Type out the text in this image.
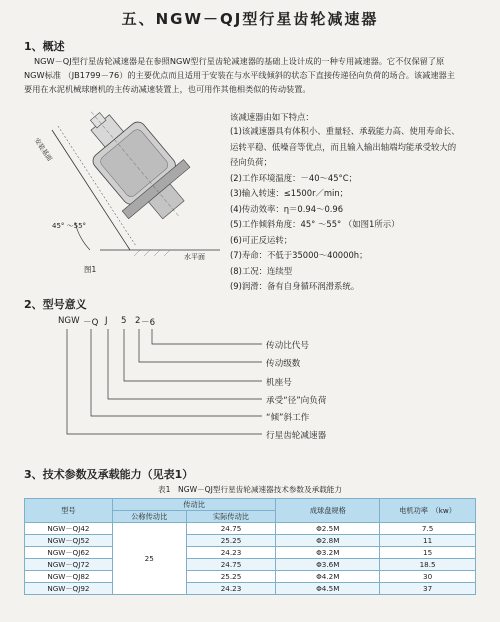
五、NGW－QJ型行星齿轮减速器
1、概述
NGW－QJ型行星齿轮减速器是在参照NGW型行星齿轮减速器的基础上设计成的一种专用减速器。它不仅保留了原
NGW标准 （JB1799－76）的主要优点而且适用于安装在与水平线倾斜的状态下直接传递径向负荷的场合。该减速器主
要用在水泥机械球磨机的主传动减速装置上，也可用作其他相类似的传动装置。
安装基面
45° ～55°
水平面
图1
该减速器由如下特点：
(1)该减速器具有体积小、重量轻、承载能力高、使用寿命长、
运转平稳、低噪音等优点，而且输入输出轴端均能承受较大的
径向负荷；
(2)工作环境温度：－40～45°C；
(3)输入转速：≤1500r／min；
(4)传动效率：η＝0.94～0.96
(5)工作倾斜角度：45° ～55° （如图1所示）
(6)可正反运转；
(7)寿命：不低于35000～40000h；
(8)工况：连续型
(9)润滑：备有自身循环润滑系统。
2、型号意义
NGW －Q J 5 2 －6
传动比代号
传动级数
机座号
承受“径”向负荷
“倾”斜工作
行星齿轮减速器
3、技术参数及承载能力（见表1）
表1　NGW－QJ型行星齿轮减速器技术参数及承载能力
型号	传动比		成球盘规格	电机功率　（kw）
	公称传动比	实际传动比		
NGW－QJ42	25	24.75	Φ2.5M	7.5
NGW－QJ52		25.25	Φ2.8M	11
NGW－QJ62		24.23	Φ3.2M	15
NGW－QJ72		24.75	Φ3.6M	18.5
NGW－QJ82		25.25	Φ4.2M	30
NGW－QJ92		24.23	Φ4.5M	37
